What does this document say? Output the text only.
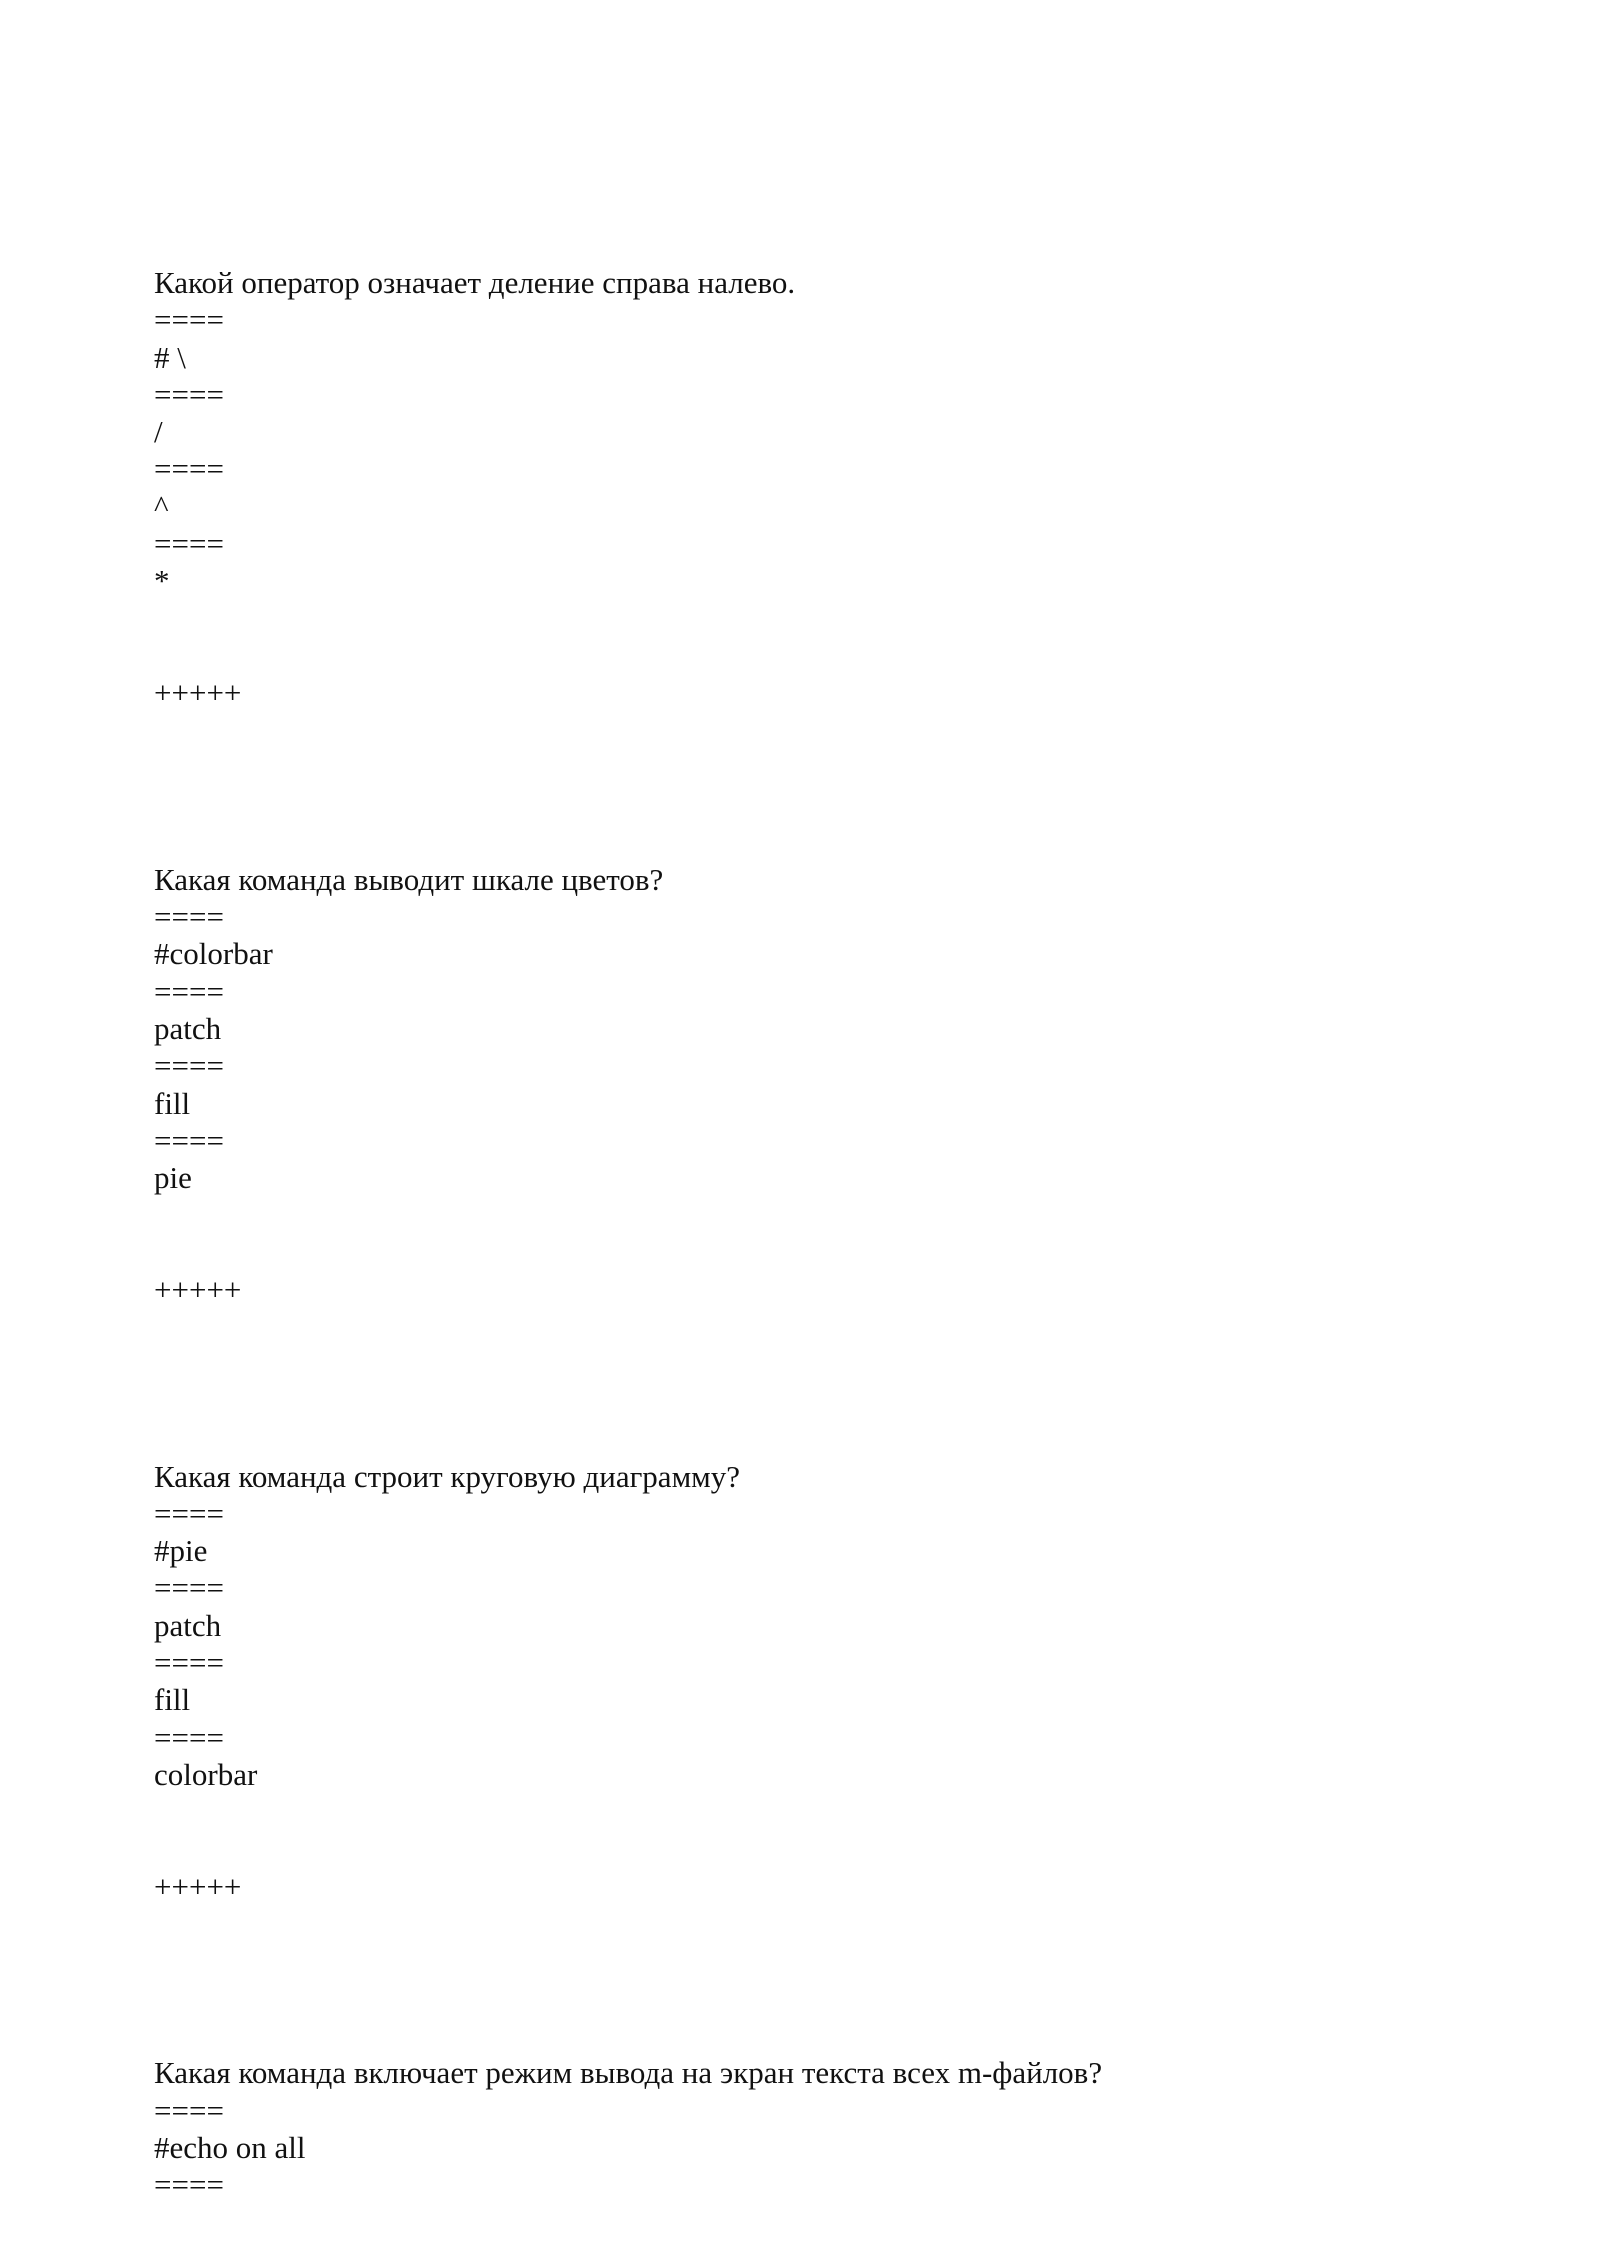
Какой оператор означает деление справа налево.
====
# \
====
/
====
^
====
*
+++++
Какая команда выводит шкале цветов?
====
#colorbar
====
patch
====
fill
====
pie
+++++
Какая команда строит круговую диаграмму?
====
#pie
====
patch
====
fill
====
colorbar
+++++
Какая команда включает режим вывода на экран текста всех m-файлов?
====
#echo on all
====
